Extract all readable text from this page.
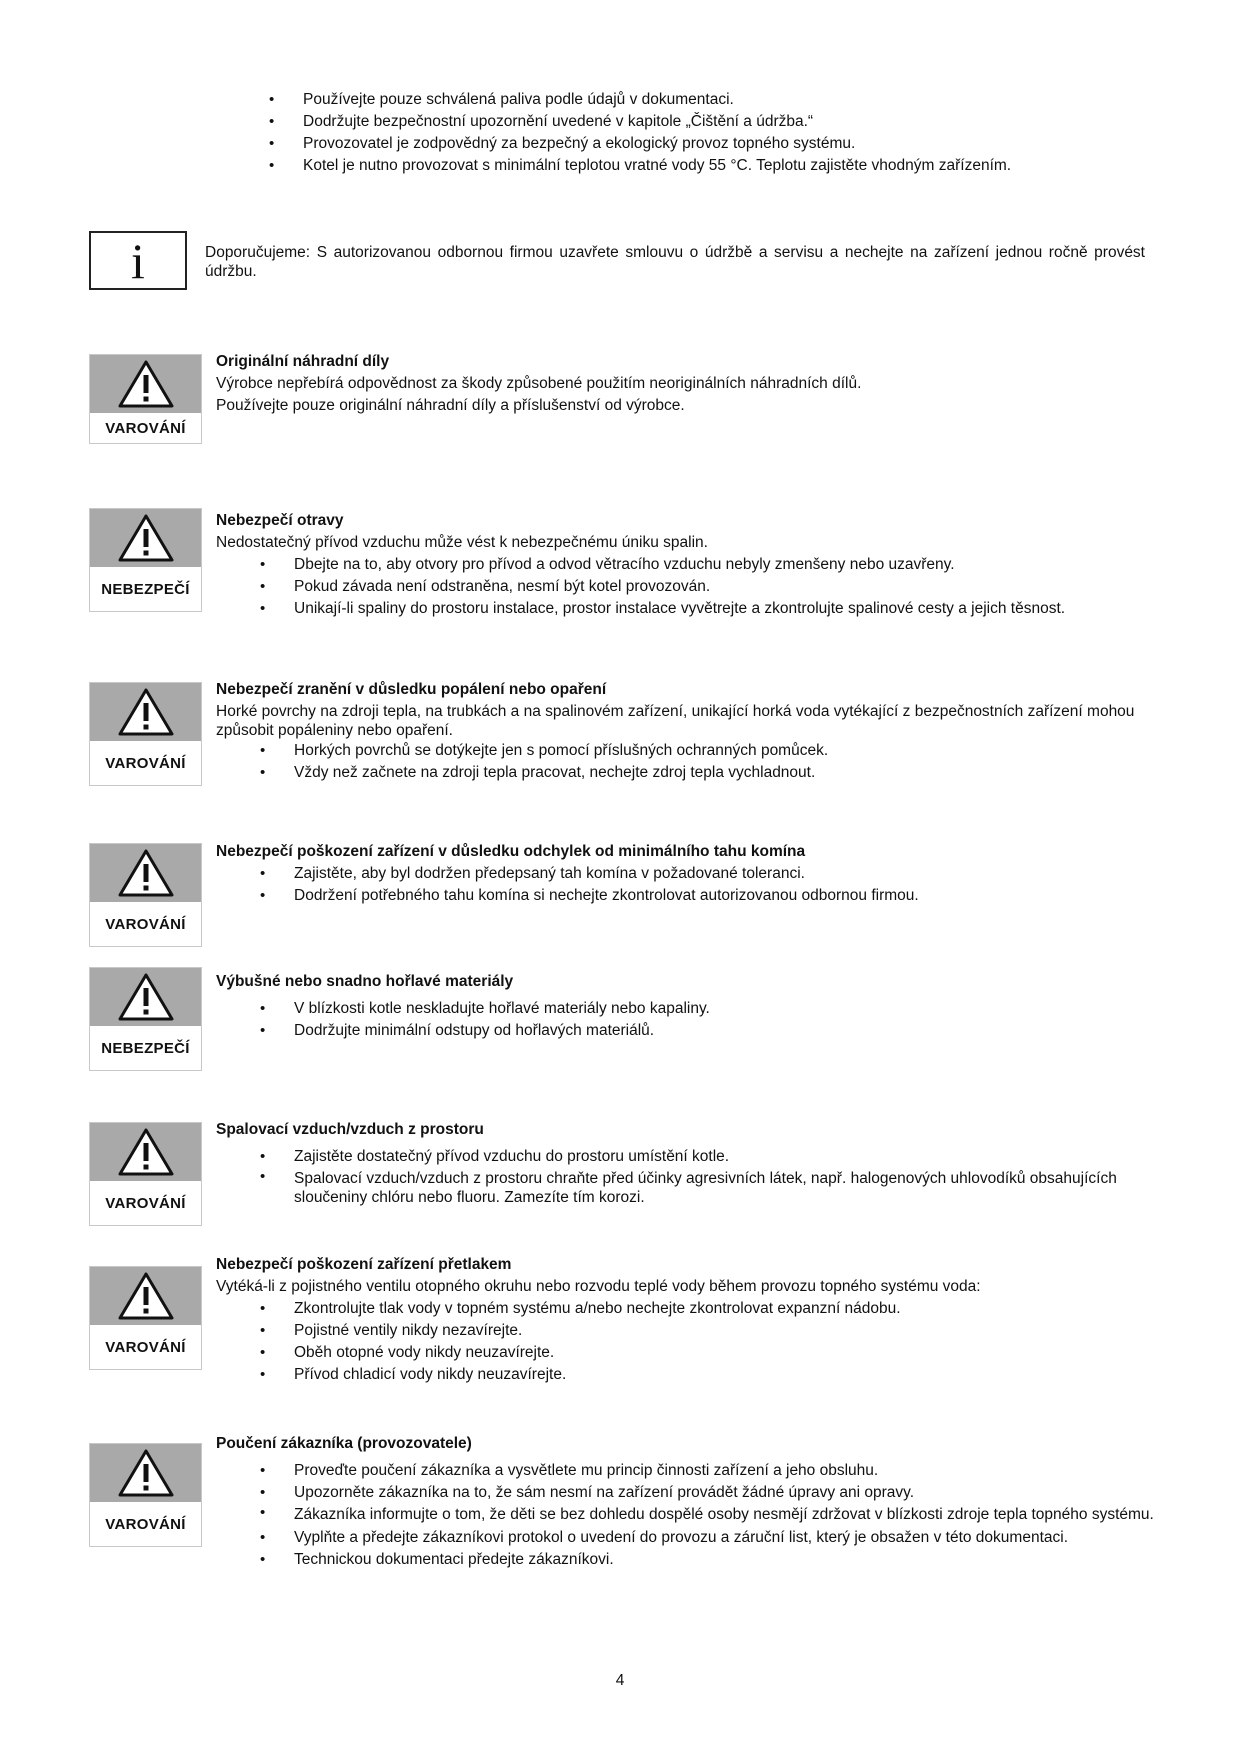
• Používejte pouze schválená paliva podle údajů v dokumentaci.
• Dodržujte bezpečnostní upozornění uvedené v kapitole „Čištění a údržba.“
• Provozovatel je zodpovědný za bezpečný a ekologický provoz topného systému.
• Kotel je nutno provozovat s minimální teplotou vratné vody 55 °C. Teplotu zajistěte vhodným zařízením.
i	Doporučujeme: S autorizovanou odbornou firmou uzavřete smlouvu o údržbě a servisu a nechejte na zařízení jednou ročně provést údržbu.
VAROVÁNÍ
Originální náhradní díly

Výrobce nepřebírá odpovědnost za škody způsobené použitím neoriginálních náhradních dílů.

Používejte pouze originální náhradní díly a příslušenství od výrobce.

NEBEZPEČÍ
Nebezpečí otravy

Nedostatečný přívod vzduchu může vést k nebezpečnému úniku spalin.

• Dbejte na to, aby otvory pro přívod a odvod větracího vzduchu nebyly zmenšeny nebo uzavřeny.
• Pokud závada není odstraněna, nesmí být kotel provozován.
• Unikají-li spaliny do prostoru instalace, prostor instalace vyvětrejte a zkontrolujte spalinové cesty a jejich těsnost.
VAROVÁNÍ
Nebezpečí zranění v důsledku popálení nebo opaření

Horké povrchy na zdroji tepla, na trubkách a na spalinovém zařízení, unikající horká voda vytékající z bezpečnostních zařízení mohou způsobit popáleniny nebo opaření.

• Horkých povrchů se dotýkejte jen s pomocí příslušných ochranných pomůcek.
• Vždy než začnete na zdroji tepla pracovat, nechejte zdroj tepla vychladnout.
VAROVÁNÍ
Nebezpečí poškození zařízení v důsledku odchylek od minimálního tahu komína
• Zajistěte, aby byl dodržen předepsaný tah komína v požadované toleranci.
• Dodržení potřebného tahu komína si nechejte zkontrolovat autorizovanou odbornou firmou.
NEBEZPEČÍ
Výbušné nebo snadno hořlavé materiály
• V blízkosti kotle neskladujte hořlavé materiály nebo kapaliny.
• Dodržujte minimální odstupy od hořlavých materiálů.
VAROVÁNÍ
Spalovací vzduch/vzduch z prostoru
• Zajistěte dostatečný přívod vzduchu do prostoru umístění kotle.
• Spalovací vzduch/vzduch z prostoru chraňte před účinky agresivních látek, např. halogenových uhlovodíků obsahujících sloučeniny chlóru nebo fluoru. Zamezíte tím korozi.
VAROVÁNÍ
Nebezpečí poškození zařízení přetlakem

Vytéká-li z pojistného ventilu otopného okruhu nebo rozvodu teplé vody během provozu topného systému voda:

• Zkontrolujte tlak vody v topném systému a/nebo nechejte zkontrolovat expanzní nádobu.
• Pojistné ventily nikdy nezavírejte.
• Oběh otopné vody nikdy neuzavírejte.
• Přívod chladicí vody nikdy neuzavírejte.
VAROVÁNÍ
Poučení zákazníka (provozovatele)
• Proveďte poučení zákazníka a vysvětlete mu princip činnosti zařízení a jeho obsluhu.
• Upozorněte zákazníka na to, že sám nesmí na zařízení provádět žádné úpravy ani opravy.
• Zákazníka informujte o tom, že děti se bez dohledu dospělé osoby nesmějí zdržovat v blízkosti zdroje tepla topného systému.
• Vyplňte a předejte zákazníkovi protokol o uvedení do provozu a záruční list, který je obsažen v této dokumentaci.
• Technickou dokumentaci předejte zákazníkovi.
4
